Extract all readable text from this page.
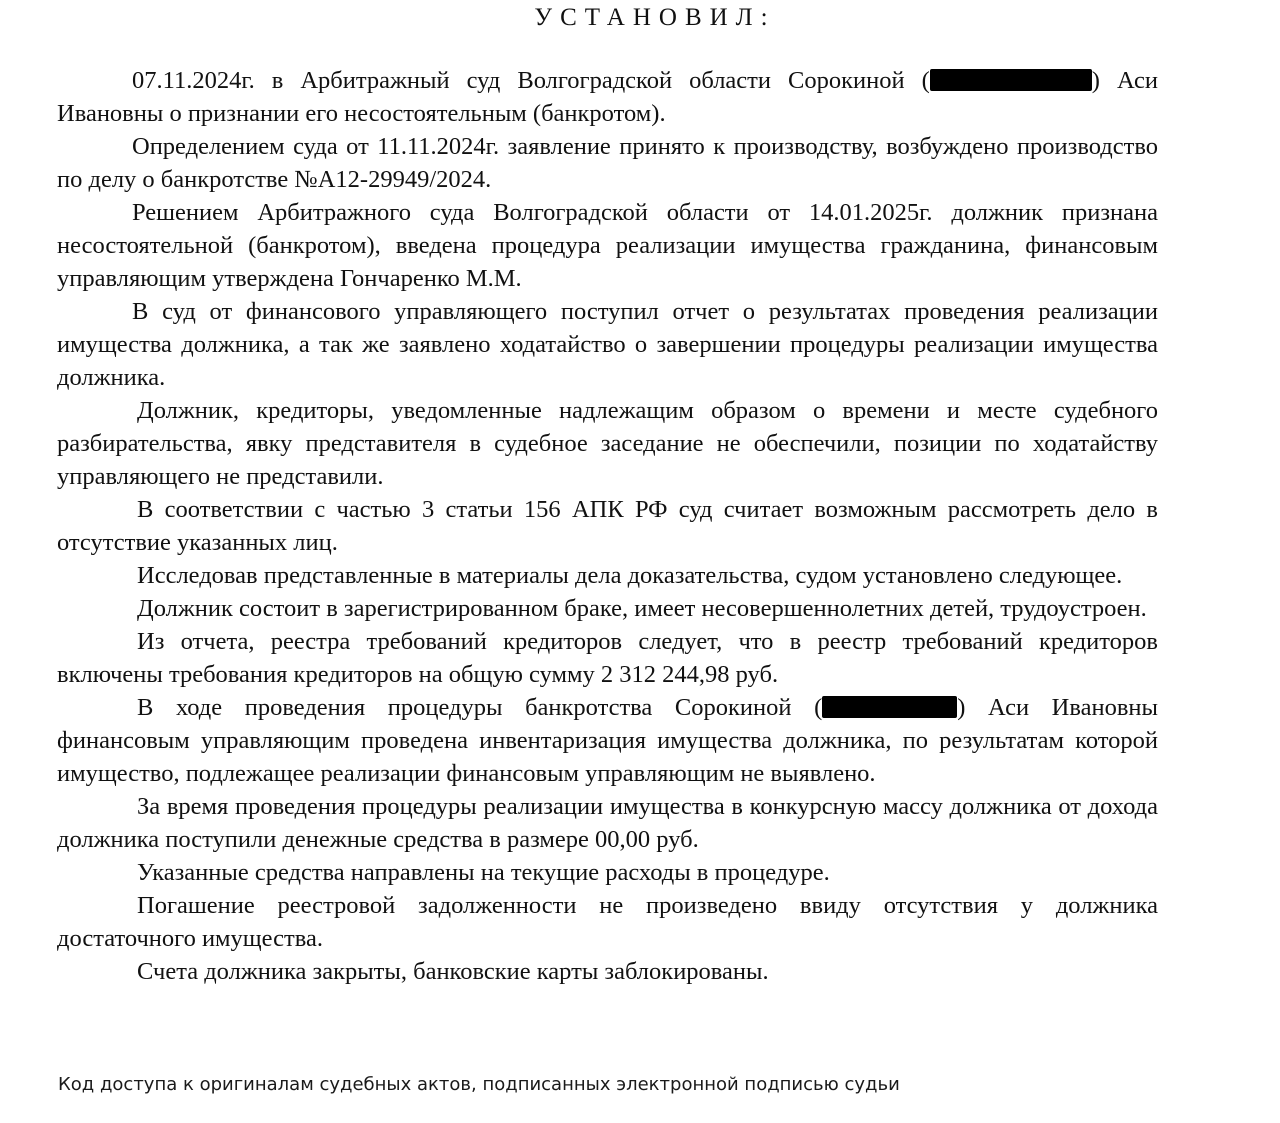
УСТАНОВИЛ:

07.11.2024г. в Арбитражный суд Волгоградской области Сорокиной (	) Аси Ивановны о признании его несостоятельным (банкротом).

Определением суда от 11.11.2024г. заявление принято к производству, возбуждено производство по делу о банкротстве №А12-29949/2024.

Решением Арбитражного суда Волгоградской области от 14.01.2025г. должник признана несостоятельной (банкротом), введена процедура реализации имущества гражданина, финансовым управляющим утверждена Гончаренко М.М.

В суд от финансового управляющего поступил отчет о результатах проведения реализации имущества должника, а так же заявлено ходатайство о завершении процедуры реализации имущества должника.

Должник, кредиторы, уведомленные надлежащим образом о времени и месте судебного разбирательства, явку представителя в судебное заседание не обеспечили, позиции по ходатайству управляющего не представили.

В соответствии с частью 3 статьи 156 АПК РФ суд считает возможным рассмотреть дело в отсутствие указанных лиц.

Исследовав представленные в материалы дела доказательства, судом установлено следующее.

Должник состоит в зарегистрированном браке, имеет несовершеннолетних детей, трудоустроен.

Из отчета, реестра требований кредиторов следует, что в реестр требований кредиторов включены требования кредиторов на общую сумму 2 312 244,98 руб.

В ходе проведения процедуры банкротства Сорокиной (	) Аси Ивановны финансовым управляющим проведена инвентаризация имущества должника, по результатам которой имущество, подлежащее реализации финансовым управляющим не выявлено.

За время проведения процедуры реализации имущества в конкурсную массу должника от дохода должника поступили денежные средства в размере 00,00 руб.

Указанные средства направлены на текущие расходы в процедуре.

Погашение реестровой задолженности не произведено ввиду отсутствия у должника достаточного имущества.

Счета должника закрыты, банковские карты заблокированы.

Код доступа к оригиналам судебных актов, подписанных электронной подписью судьи
